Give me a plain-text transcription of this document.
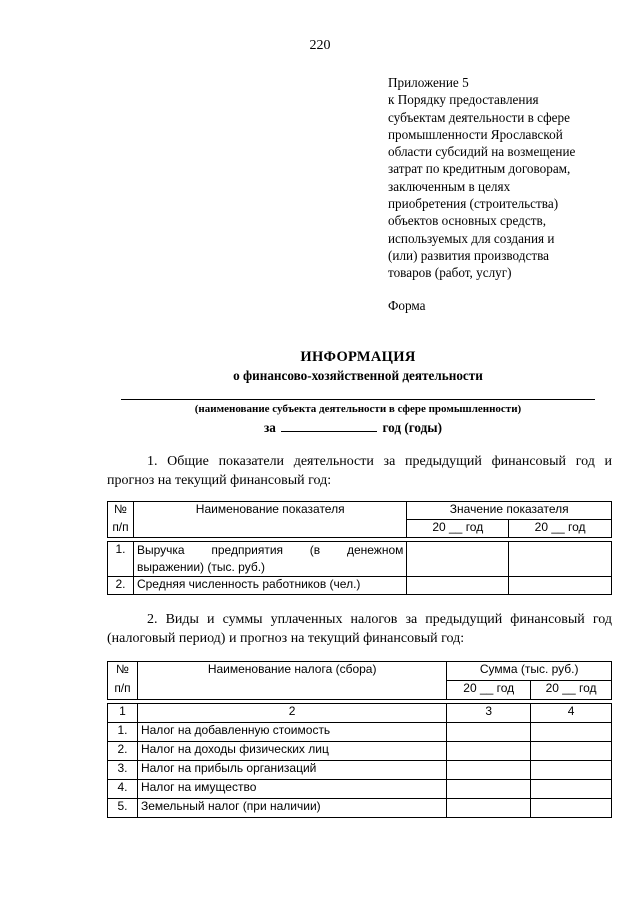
220
Приложение 5
к Порядку предоставления
субъектам деятельности в сфере
промышленности Ярославской
области субсидий на возмещение
затрат по кредитным договорам,
заключенным в целях
приобретения (строительства)
объектов основных средств,
используемых для создания и
(или) развития производства
товаров (работ, услуг)
Форма
ИНФОРМАЦИЯ
о финансово-хозяйственной деятельности
(наименование субъекта деятельности в сфере промышленности)
за	год (годы)
1. Общие показатели деятельности за предыдущий финансовый год и прогноз на текущий финансовый год:
№	Наименование показателя	Значение показателя	
п/п		20 __ год	20 __ год

1.	Выручка предприятия (в денежном
выражении) (тыс. руб.)		

2.	Средняя численность работников (чел.)		
2. Виды и суммы уплаченных налогов за предыдущий финансовый год (налоговый период) и прогноз на текущий финансовый год:
№	Наименование налога (сбора)	Сумма (тыс. руб.)	
п/п		20 __ год	20 __ год

1	2	3	4
1.	Налог на добавленную стоимость		
2.	Налог на доходы физических лиц		
3.	Налог на прибыль организаций		
4.	Налог на имущество		
5.	Земельный налог (при наличии)		
